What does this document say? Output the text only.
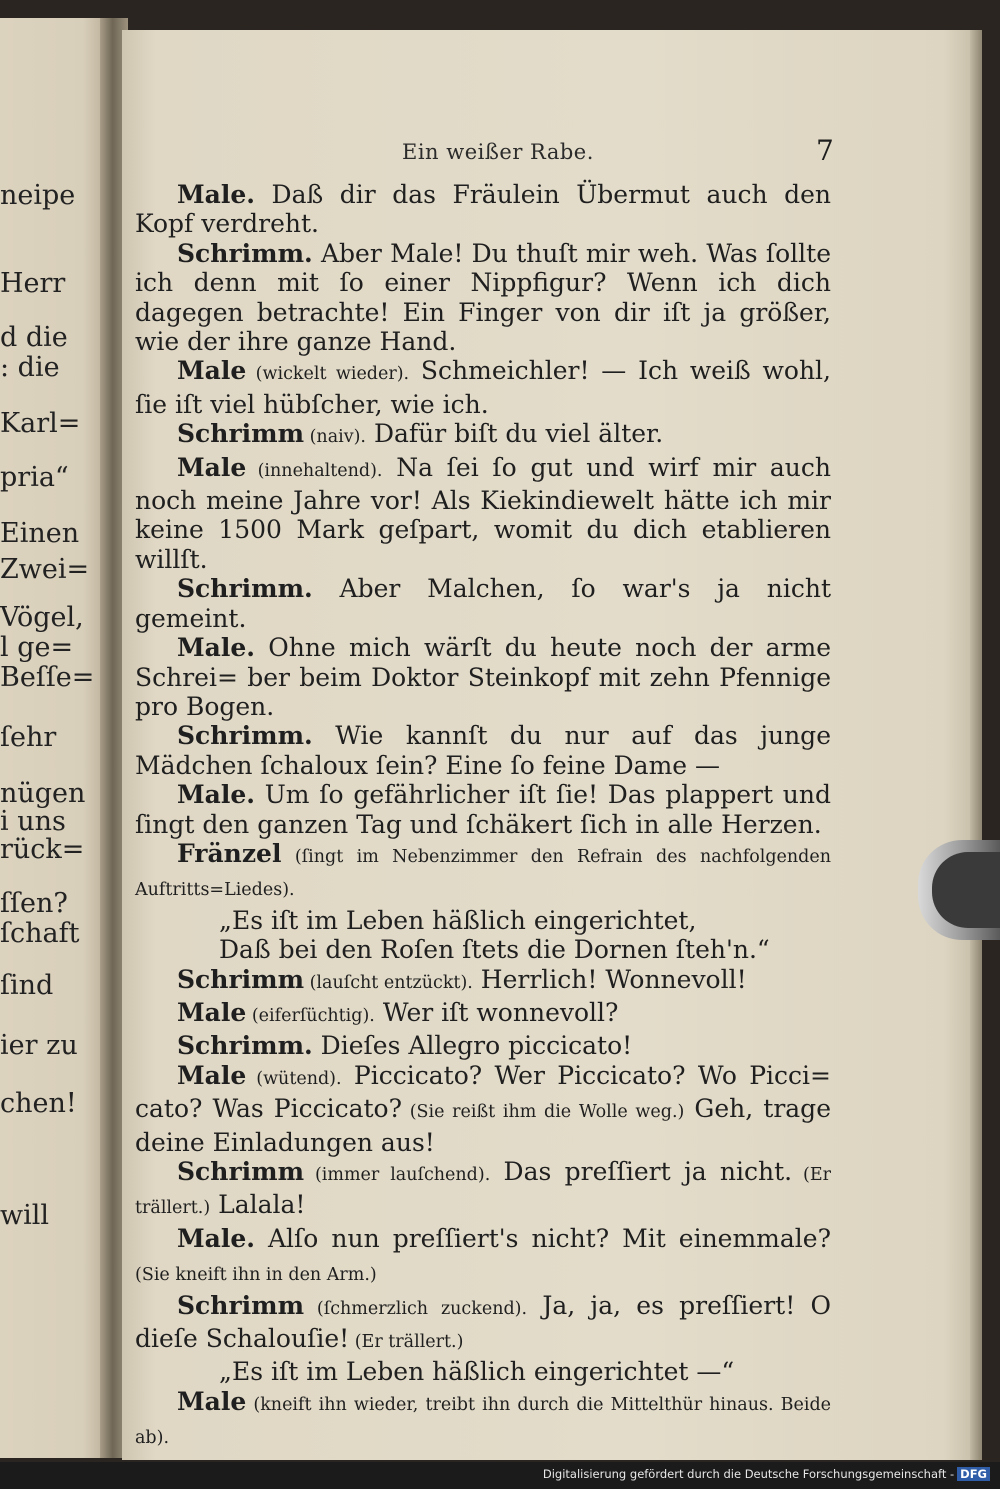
neipe
Herr
d die
: die
Karl=
pria“
Einen
Zwei=
Vögel,
l ge=
Beſſe=
ſehr
nügen
i uns
rück=
ſſen?
ſchaft
ſind
ier zu
chen!
will
Ein weißer Rabe.	7

Male. Daß dir das Fräulein Übermut auch den Kopf verdreht.

Schrimm. Aber Male! Du thuſt mir weh. Was ſollte ich denn mit ſo einer Nippfigur? Wenn ich dich dagegen betrachte! Ein Finger von dir iſt ja größer, wie der ihre ganze Hand.

Male (wickelt wieder). Schmeichler! — Ich weiß wohl, ſie iſt viel hübſcher, wie ich.

Schrimm (naiv). Dafür biſt du viel älter.

Male (innehaltend). Na ſei ſo gut und wirf mir auch noch meine Jahre vor! Als Kiekindiewelt hätte ich mir keine 1500 Mark geſpart, womit du dich etablieren willſt.

Schrimm. Aber Malchen, ſo war's ja nicht gemeint.

Male. Ohne mich wärſt du heute noch der arme Schrei= ber beim Doktor Steinkopf mit zehn Pfennige pro Bogen.

Schrimm. Wie kannſt du nur auf das junge Mädchen ſchaloux ſein? Eine ſo feine Dame —

Male. Um ſo gefährlicher iſt ſie! Das plappert und ſingt den ganzen Tag und ſchäkert ſich in alle Herzen.

Fränzel (ſingt im Nebenzimmer den Refrain des nachfolgenden Auftritts=Liedes).

„Es iſt im Leben häßlich eingerichtet,

Daß bei den Roſen ſtets die Dornen ſteh'n.“

Schrimm (lauſcht entzückt). Herrlich! Wonnevoll!

Male (eiferſüchtig). Wer iſt wonnevoll?

Schrimm. Dieſes Allegro piccicato!

Male (wütend). Piccicato? Wer Piccicato? Wo Picci= cato? Was Piccicato? (Sie reißt ihm die Wolle weg.) Geh, trage deine Einladungen aus!

Schrimm (immer lauſchend). Das preſſiert ja nicht. (Er trällert.) Lalala!

Male. Alſo nun preſſiert's nicht? Mit einemmale? (Sie kneift ihn in den Arm.)

Schrimm (ſchmerzlich zuckend). Ja, ja, es preſſiert! O dieſe Schalouſie! (Er trällert.)

„Es iſt im Leben häßlich eingerichtet —“

Male (kneift ihn wieder, treibt ihn durch die Mittelthür hinaus. Beide ab).

Digitalisierung gefördert durch die Deutsche Forschungsgemeinschaft - DFG
